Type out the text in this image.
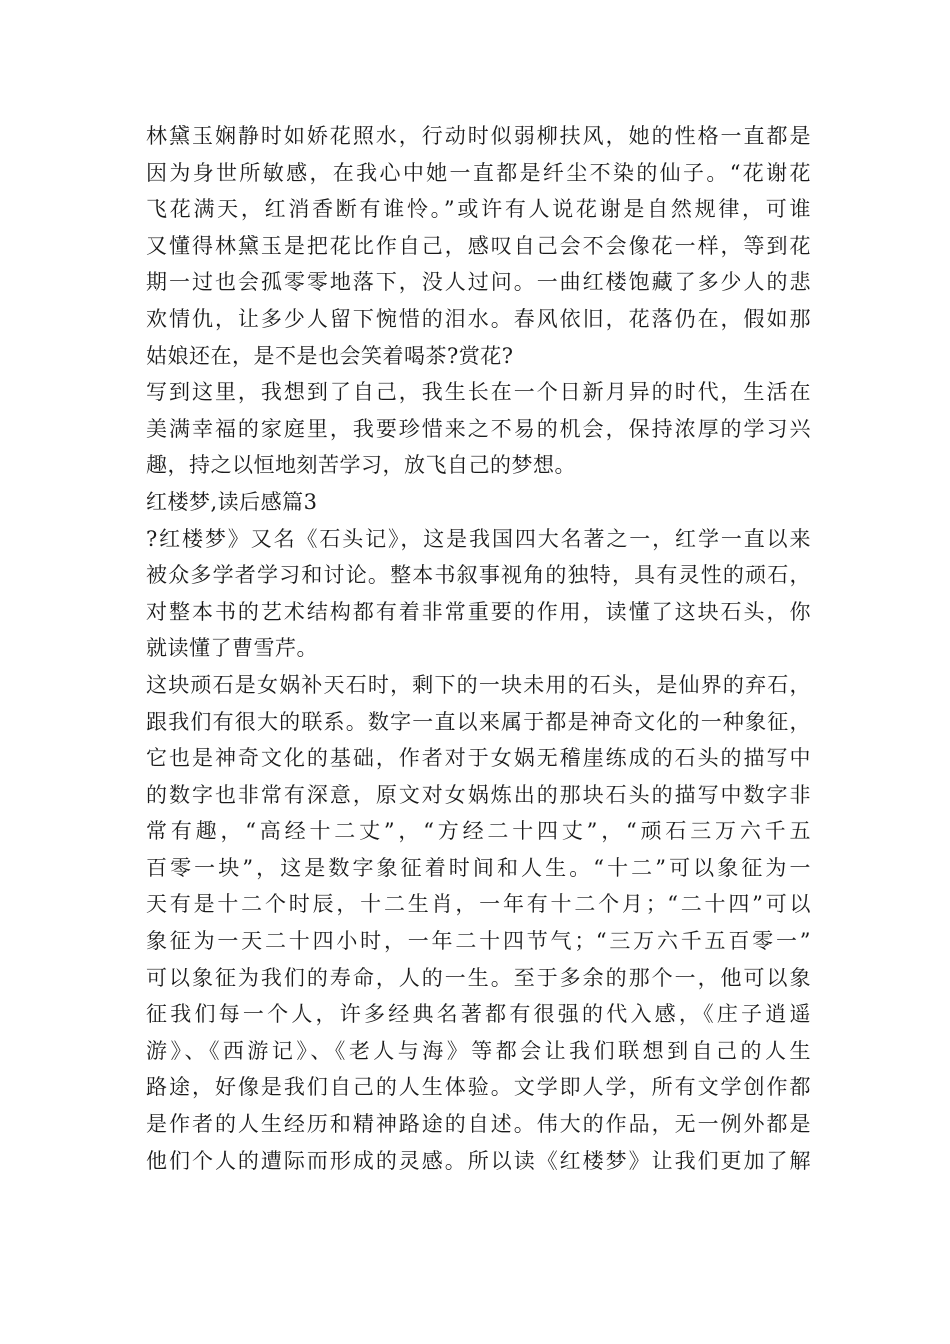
林黛玉娴静时如娇花照水，行动时似弱柳扶风，她的性格一直都是
因为身世所敏感，在我心中她一直都是纤尘不染的仙子。“花谢花
飞花满天，红消香断有谁怜。”或许有人说花谢是自然规律，可谁
又懂得林黛玉是把花比作自己，感叹自己会不会像花一样，等到花
期一过也会孤零零地落下，没人过问。一曲红楼饱藏了多少人的悲
欢情仇，让多少人留下惋惜的泪水。春风依旧，花落仍在，假如那
姑娘还在，是不是也会笑着喝茶?赏花?
写到这里，我想到了自己，我生长在一个日新月异的时代，生活在
美满幸福的家庭里，我要珍惜来之不易的机会，保持浓厚的学习兴
趣，持之以恒地刻苦学习，放飞自己的梦想。
红楼梦,读后感篇3
?红楼梦》又名《石头记》，这是我国四大名著之一，红学一直以来
被众多学者学习和讨论。整本书叙事视角的独特，具有灵性的顽石，
对整本书的艺术结构都有着非常重要的作用，读懂了这块石头，你
就读懂了曹雪芹。
这块顽石是女娲补天石时，剩下的一块未用的石头，是仙界的弃石，
跟我们有很大的联系。数字一直以来属于都是神奇文化的一种象征，
它也是神奇文化的基础，作者对于女娲无稽崖练成的石头的描写中
的数字也非常有深意，原文对女娲炼出的那块石头的描写中数字非
常有趣，“高经十二丈”，“方经二十四丈”，“顽石三万六千五
百零一块”，这是数字象征着时间和人生。“十二”可以象征为一
天有是十二个时辰，十二生肖，一年有十二个月；“二十四”可以
象征为一天二十四小时，一年二十四节气；“三万六千五百零一”
可以象征为我们的寿命，人的一生。至于多余的那个一，他可以象
征我们每一个人，许多经典名著都有很强的代入感，《庄子逍遥
游》、《西游记》、《老人与海》等都会让我们联想到自己的人生
路途，好像是我们自己的人生体验。文学即人学，所有文学创作都
是作者的人生经历和精神路途的自述。伟大的作品，无一例外都是
他们个人的遭际而形成的灵感。所以读《红楼梦》让我们更加了解
